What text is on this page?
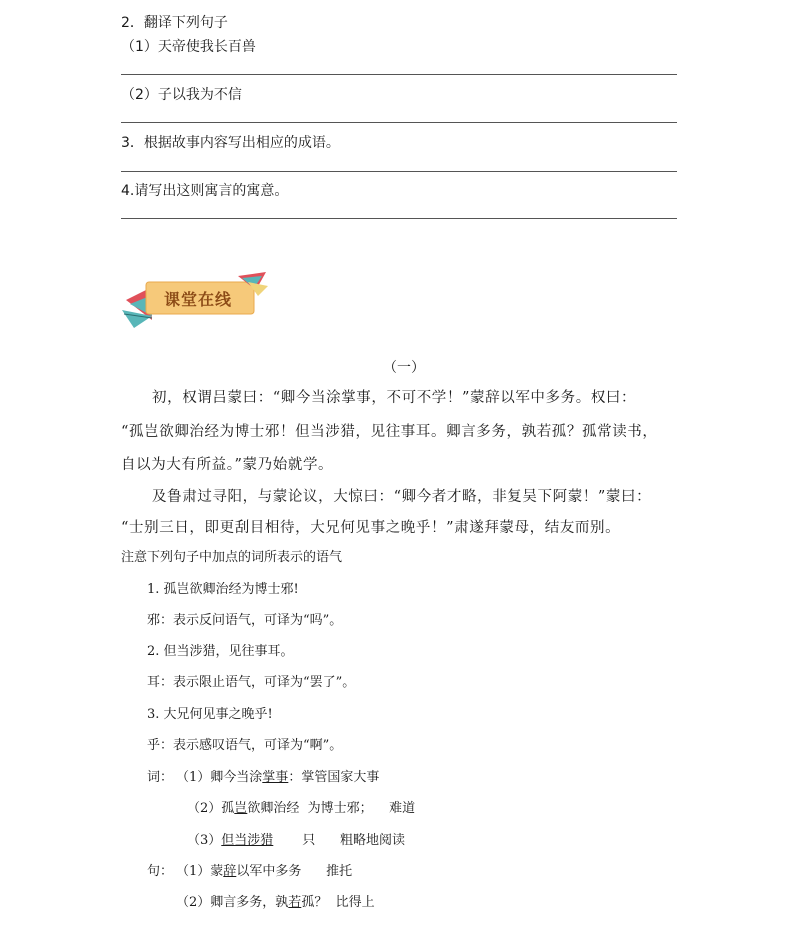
2．翻译下列句子
（1）天帝使我长百兽
（2）子以我为不信
3．根据故事内容写出相应的成语。
4.请写出这则寓言的寓意。
课堂在线
（一）
初，权谓吕蒙曰：“卿今当涂掌事，不可不学！”蒙辞以军中多务。权曰：
“孤岂欲卿治经为博士邪！但当涉猎，见往事耳。卿言多务，孰若孤？孤常读书，
自以为大有所益。”蒙乃始就学。
及鲁肃过寻阳，与蒙论议，大惊曰：“卿今者才略，非复吴下阿蒙！”蒙曰：
“士别三日，即更刮目相待，大兄何见事之晚乎！”肃遂拜蒙母，结友而别。
注意下列句子中加点的词所表示的语气
1. 孤岂欲卿治经为博士邪!
邪：表示反问语气，可译为“吗”。
2. 但当涉猎，见往事耳。
耳：表示限止语气，可译为“罢了”。
3. 大兄何见事之晚乎!
乎：表示感叹语气，可译为“啊”。
词： （1）卿今当涂掌事：掌管国家大事
（2）孤岂欲卿治经  为博士邪；    难道
（3）但当涉猎       只      粗略地阅读
句： （1）蒙辞以军中多务      推托
（2）卿言多务，孰若孤？  比得上
